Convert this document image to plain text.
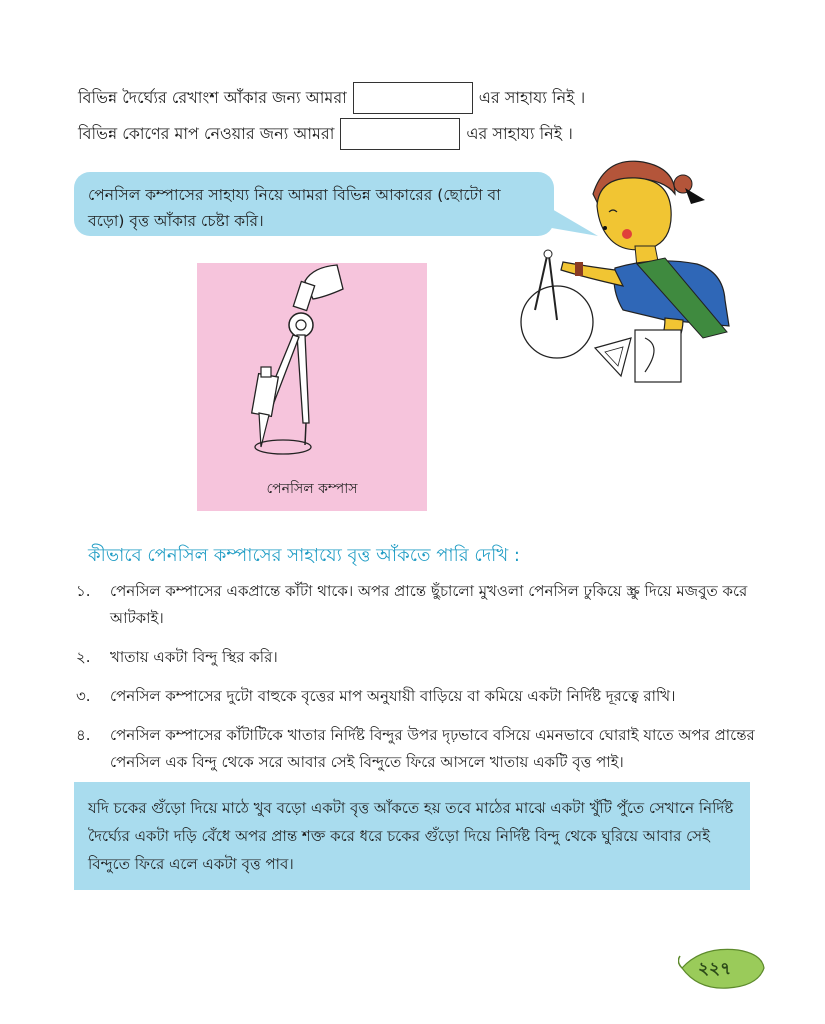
বিভিন্ন দৈর্ঘ্যের রেখাংশ আঁকার জন্য আমরা	এর সাহায্য নিই ।
বিভিন্ন কোণের মাপ নেওয়ার জন্য আমরা	এর সাহায্য নিই ।
পেনসিল কম্পাসের সাহায্য নিয়ে আমরা বিভিন্ন আকারের (ছোটো বা বড়ো) বৃত্ত আঁকার চেষ্টা করি।
পেনসিল কম্পাস
কীভাবে পেনসিল কম্পাসের সাহায্যে বৃত্ত আঁকতে পারি দেখি :
১.	পেনসিল কম্পাসের একপ্রান্তে কাঁটা থাকে। অপর প্রান্তে ছুঁচালো মুখওলা পেনসিল ঢুকিয়ে স্ক্রু দিয়ে মজবুত করে আটকাই।
২.	খাতায় একটা বিন্দু স্থির করি।
৩.	পেনসিল কম্পাসের দুটো বাহুকে বৃত্তের মাপ অনুযায়ী বাড়িয়ে বা কমিয়ে একটা নির্দিষ্ট দূরত্বে রাখি।
৪.	পেনসিল কম্পাসের কাঁটাটিকে খাতার নির্দিষ্ট বিন্দুর উপর দৃঢ়ভাবে বসিয়ে এমনভাবে ঘোরাই যাতে অপর প্রান্তের পেনসিল এক বিন্দু থেকে সরে আবার সেই বিন্দুতে ফিরে আসলে খাতায় একটি বৃত্ত পাই।
যদি চকের গুঁড়ো দিয়ে মাঠে খুব বড়ো একটা বৃত্ত আঁকতে হয় তবে মাঠের মাঝে একটা খুঁটি পুঁতে সেখানে নির্দিষ্ট দৈর্ঘ্যের একটা দড়ি বেঁধে অপর প্রান্ত শক্ত করে ধরে চকের গুঁড়ো দিয়ে নির্দিষ্ট বিন্দু থেকে ঘুরিয়ে আবার সেই বিন্দুতে ফিরে এলে একটা বৃত্ত পাব।
২২৭
